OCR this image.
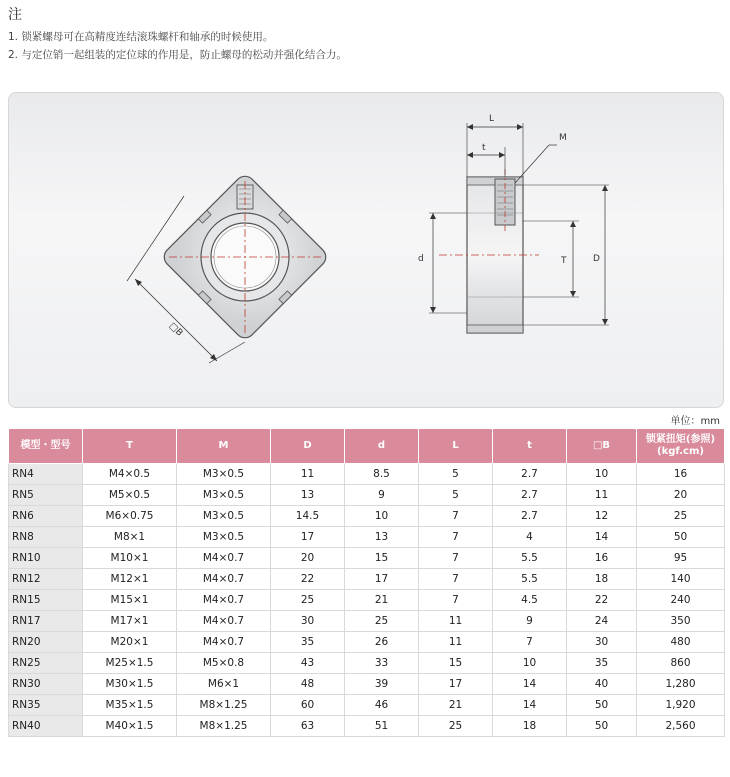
注

1. 锁紧螺母可在高精度连结滚珠螺杆和轴承的时候使用。

2. 与定位销一起组装的定位球的作用是，防止螺母的松动并强化结合力。

□B
L
t
M
d	T	D
单位：mm
模型・型号	T	M	D	d	L	t	□B	锁紧扭矩(参照)
(kgf.cm)
RN4	M4×0.5	M3×0.5	11	8.5	5	2.7	10	16
RN5	M5×0.5	M3×0.5	13	9	5	2.7	11	20
RN6	M6×0.75	M3×0.5	14.5	10	7	2.7	12	25
RN8	M8×1	M3×0.5	17	13	7	4	14	50
RN10	M10×1	M4×0.7	20	15	7	5.5	16	95
RN12	M12×1	M4×0.7	22	17	7	5.5	18	140
RN15	M15×1	M4×0.7	25	21	7	4.5	22	240
RN17	M17×1	M4×0.7	30	25	11	9	24	350
RN20	M20×1	M4×0.7	35	26	11	7	30	480
RN25	M25×1.5	M5×0.8	43	33	15	10	35	860
RN30	M30×1.5	M6×1	48	39	17	14	40	1,280
RN35	M35×1.5	M8×1.25	60	46	21	14	50	1,920
RN40	M40×1.5	M8×1.25	63	51	25	18	50	2,560
